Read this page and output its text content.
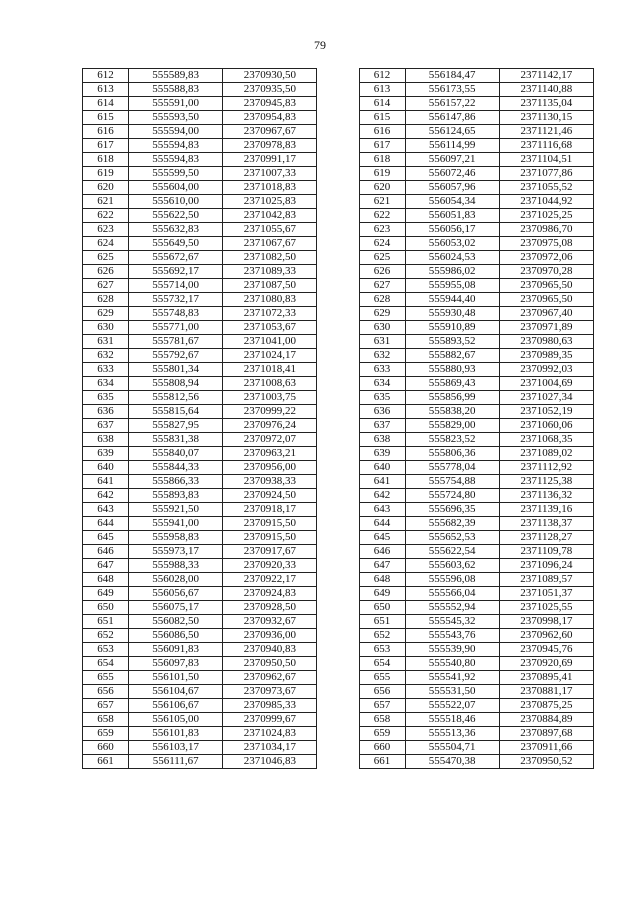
79
612	555589,83	2370930,50		612	556184,47	2371142,17
613	555588,83	2370935,50		613	556173,55	2371140,88
614	555591,00	2370945,83		614	556157,22	2371135,04
615	555593,50	2370954,83		615	556147,86	2371130,15
616	555594,00	2370967,67		616	556124,65	2371121,46
617	555594,83	2370978,83		617	556114,99	2371116,68
618	555594,83	2370991,17		618	556097,21	2371104,51
619	555599,50	2371007,33		619	556072,46	2371077,86
620	555604,00	2371018,83		620	556057,96	2371055,52
621	555610,00	2371025,83		621	556054,34	2371044,92
622	555622,50	2371042,83		622	556051,83	2371025,25
623	555632,83	2371055,67		623	556056,17	2370986,70
624	555649,50	2371067,67		624	556053,02	2370975,08
625	555672,67	2371082,50		625	556024,53	2370972,06
626	555692,17	2371089,33		626	555986,02	2370970,28
627	555714,00	2371087,50		627	555955,08	2370965,50
628	555732,17	2371080,83		628	555944,40	2370965,50
629	555748,83	2371072,33		629	555930,48	2370967,40
630	555771,00	2371053,67		630	555910,89	2370971,89
631	555781,67	2371041,00		631	555893,52	2370980,63
632	555792,67	2371024,17		632	555882,67	2370989,35
633	555801,34	2371018,41		633	555880,93	2370992,03
634	555808,94	2371008,63		634	555869,43	2371004,69
635	555812,56	2371003,75		635	555856,99	2371027,34
636	555815,64	2370999,22		636	555838,20	2371052,19
637	555827,95	2370976,24		637	555829,00	2371060,06
638	555831,38	2370972,07		638	555823,52	2371068,35
639	555840,07	2370963,21		639	555806,36	2371089,02
640	555844,33	2370956,00		640	555778,04	2371112,92
641	555866,33	2370938,33		641	555754,88	2371125,38
642	555893,83	2370924,50		642	555724,80	2371136,32
643	555921,50	2370918,17		643	555696,35	2371139,16
644	555941,00	2370915,50		644	555682,39	2371138,37
645	555958,83	2370915,50		645	555652,53	2371128,27
646	555973,17	2370917,67		646	555622,54	2371109,78
647	555988,33	2370920,33		647	555603,62	2371096,24
648	556028,00	2370922,17		648	555596,08	2371089,57
649	556056,67	2370924,83		649	555566,04	2371051,37
650	556075,17	2370928,50		650	555552,94	2371025,55
651	556082,50	2370932,67		651	555545,32	2370998,17
652	556086,50	2370936,00		652	555543,76	2370962,60
653	556091,83	2370940,83		653	555539,90	2370945,76
654	556097,83	2370950,50		654	555540,80	2370920,69
655	556101,50	2370962,67		655	555541,92	2370895,41
656	556104,67	2370973,67		656	555531,50	2370881,17
657	556106,67	2370985,33		657	555522,07	2370875,25
658	556105,00	2370999,67		658	555518,46	2370884,89
659	556101,83	2371024,83		659	555513,36	2370897,68
660	556103,17	2371034,17		660	555504,71	2370911,66
661	556111,67	2371046,83		661	555470,38	2370950,52
